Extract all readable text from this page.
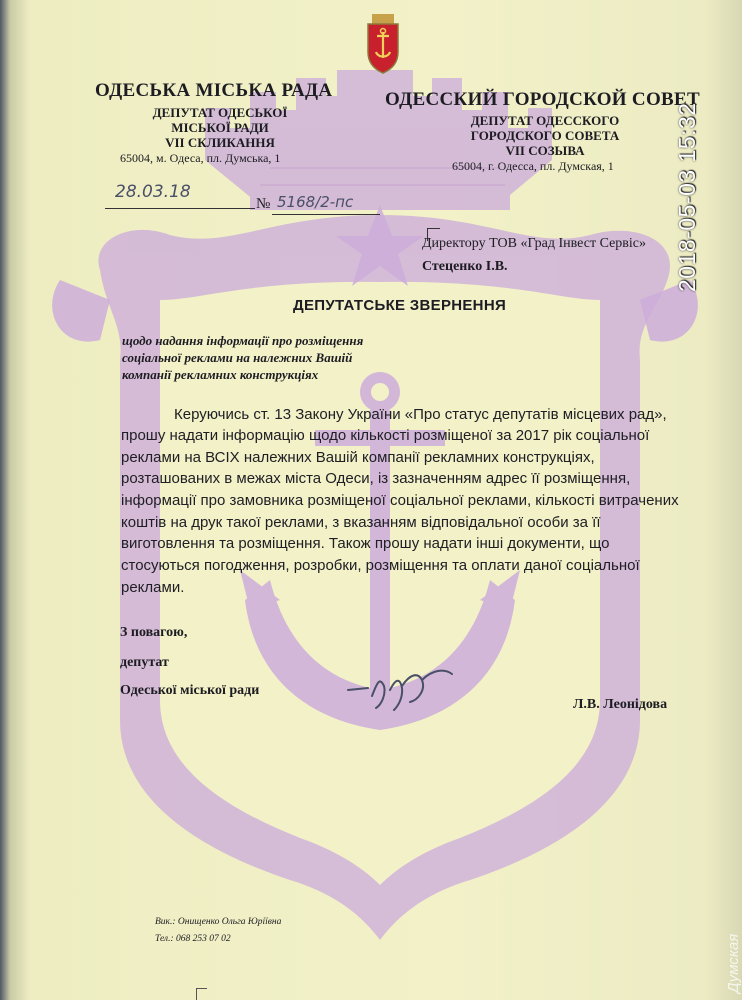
ОДЕСЬКА МІСЬКА РАДА
ДЕПУТАТ ОДЕСЬКОЇ
МІСЬКОЇ РАДИ
VII СКЛИКАННЯ
65004, м. Одеса, пл. Думська, 1
ОДЕССКИЙ ГОРОДСКОЙ СОВЕТ
ДЕПУТАТ ОДЕССКОГО
ГОРОДСКОГО СОВЕТА
VII СОЗЫВА
65004, г. Одесса, пл. Думская, 1
28.03.18
№ 5168/2-пс
Директору ТОВ «Град Інвест Сервіс»
Стеценко І.В.
ДЕПУТАТСЬКЕ ЗВЕРНЕННЯ
щодо надання інформації про розміщення
соціальної реклами на належних Вашій
компанії рекламних конструкціях
Керуючись ст. 13 Закону України «Про статус депутатів місцевих рад»,
прошу надати інформацію щодо кількості розміщеної за 2017 рік соціальної
реклами на ВСІХ належних Вашій компанії рекламних конструкціях,
розташованих в межах міста Одеси, із зазначенням адрес її розміщення,
інформації про замовника розміщеної соціальної реклами, кількості витрачених
коштів на друк такої реклами, з вказанням відповідальної особи за її
виготовлення та розміщення. Також прошу надати інші документи, що
стосуються погодження, розробки, розміщення та оплати даної соціальної
реклами.
З повагою,
депутат
Одеської міської ради
Л.В. Леонідова
Вик.: Онищенко Ольга Юріївна
Тел.: 068 253 07 02
2018-05-03 15:32
Думская
